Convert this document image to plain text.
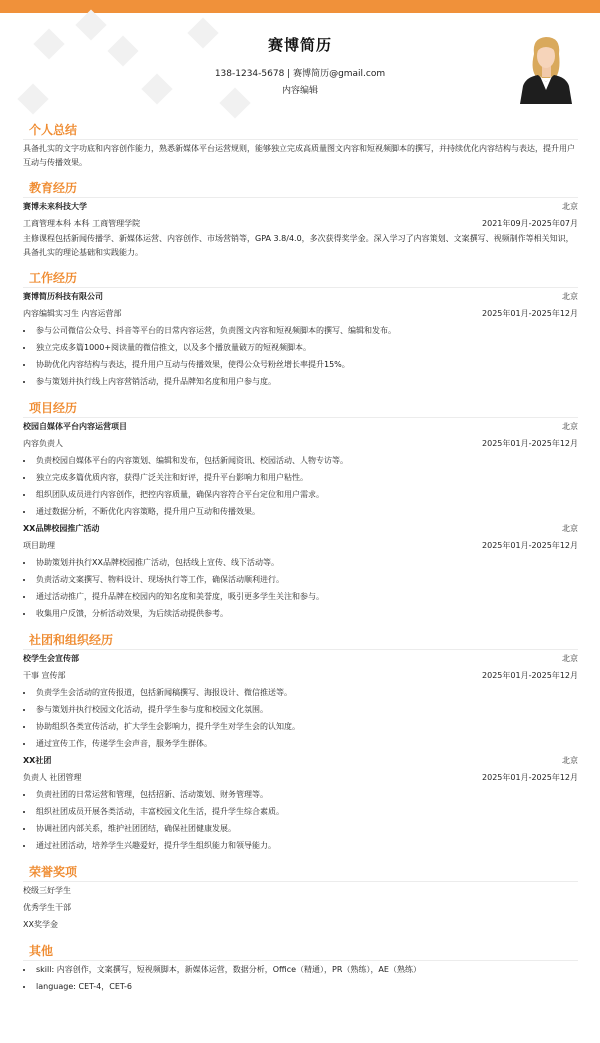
赛博简历
138-1234-5678 | 赛博简历@gmail.com
内容编辑
个人总结
具备扎实的文字功底和内容创作能力，熟悉新媒体平台运营规则，能够独立完成高质量图文内容和短视频脚本的撰写，并持续优化内容结构与表达，提升用户互动与传播效果。
教育经历
赛博未来科技大学	北京
工商管理本科 本科 工商管理学院	2021年09月-2025年07月
主修课程包括新闻传播学、新媒体运营、内容创作、市场营销等，GPA 3.8/4.0，多次获得奖学金。深入学习了内容策划、文案撰写、视频制作等相关知识，具备扎实的理论基础和实践能力。
工作经历
赛博简历科技有限公司	北京
内容编辑实习生 内容运营部	2025年01月-2025年12月
• 参与公司微信公众号、抖音等平台的日常内容运营，负责图文内容和短视频脚本的撰写、编辑和发布。
• 独立完成多篇1000+阅读量的微信推文，以及多个播放量破万的短视频脚本。
• 协助优化内容结构与表达，提升用户互动与传播效果，使得公众号粉丝增长率提升15%。
• 参与策划并执行线上内容营销活动，提升品牌知名度和用户参与度。
项目经历
校园自媒体平台内容运营项目	北京
内容负责人	2025年01月-2025年12月
• 负责校园自媒体平台的内容策划、编辑和发布，包括新闻资讯、校园活动、人物专访等。
• 独立完成多篇优质内容，获得广泛关注和好评，提升平台影响力和用户粘性。
• 组织团队成员进行内容创作，把控内容质量，确保内容符合平台定位和用户需求。
• 通过数据分析，不断优化内容策略，提升用户互动和传播效果。
XX品牌校园推广活动	北京
项目助理	2025年01月-2025年12月
• 协助策划并执行XX品牌校园推广活动，包括线上宣传、线下活动等。
• 负责活动文案撰写、物料设计、现场执行等工作，确保活动顺利进行。
• 通过活动推广，提升品牌在校园内的知名度和美誉度，吸引更多学生关注和参与。
• 收集用户反馈，分析活动效果，为后续活动提供参考。
社团和组织经历
校学生会宣传部	北京
干事 宣传部	2025年01月-2025年12月
• 负责学生会活动的宣传报道，包括新闻稿撰写、海报设计、微信推送等。
• 参与策划并执行校园文化活动，提升学生参与度和校园文化氛围。
• 协助组织各类宣传活动，扩大学生会影响力，提升学生对学生会的认知度。
• 通过宣传工作，传递学生会声音，服务学生群体。
XX社团	北京
负责人 社团管理	2025年01月-2025年12月
• 负责社团的日常运营和管理，包括招新、活动策划、财务管理等。
• 组织社团成员开展各类活动，丰富校园文化生活，提升学生综合素质。
• 协调社团内部关系，维护社团团结，确保社团健康发展。
• 通过社团活动，培养学生兴趣爱好，提升学生组织能力和领导能力。
荣誉奖项
校级三好学生
优秀学生干部
XX奖学金
其他
• skill: 内容创作，文案撰写，短视频脚本，新媒体运营，数据分析，Office（精通），PR（熟练），AE（熟练）
• language: CET-4，CET-6
